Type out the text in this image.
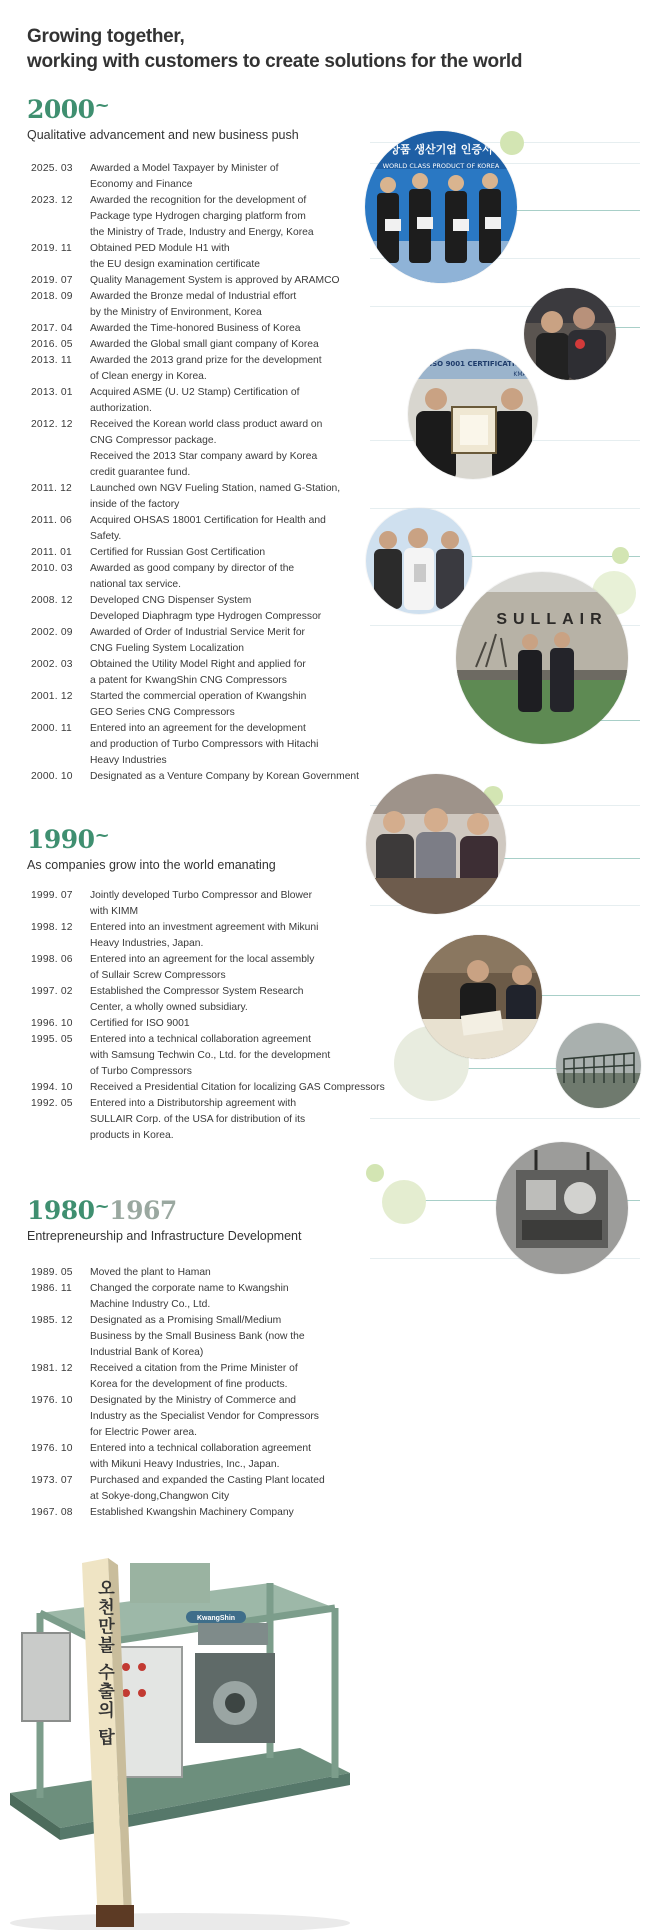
Growing together,
working with customers to create solutions for the world
상품 생산기업 인증서
WORLD CLASS PRODUCT OF KOREA
ISO 9001 CERTIFICATION
KMA
SULLAIR
2000~
Qualitative advancement and new business push
2025. 03	Awarded a Model Taxpayer by Minister of
Economy and Finance
2023. 12	Awarded the recognition for the development of
Package type Hydrogen charging platform from
the Ministry of Trade, Industry and Energy, Korea
2019. 11	Obtained PED Module H1 with
the EU design examination certificate
2019. 07	Quality Management System is approved by ARAMCO
2018. 09	Awarded the Bronze medal of Industrial effort
by the Ministry of Environment, Korea
2017. 04	Awarded the Time-honored Business of Korea
2016. 05	Awarded the Global small giant company of Korea
2013. 11	Awarded the 2013 grand prize for the development
of Clean energy in Korea.
2013. 01	Acquired ASME (U. U2 Stamp) Certification of
authorization.
2012. 12	Received the Korean world class product award on
CNG Compressor package.
Received the 2013 Star company award by Korea
credit guarantee fund.
2011. 12	Launched own NGV Fueling Station, named G-Station,
inside of the factory
2011. 06	Acquired OHSAS 18001 Certification for Health and
Safety.
2011. 01	Certified for Russian Gost Certification
2010. 03	Awarded as good company by director of the
national tax service.
2008. 12	Developed CNG Dispenser System
Developed Diaphragm type Hydrogen Compressor
2002. 09	Awarded of Order of Industrial Service Merit for
CNG Fueling System Localization
2002. 03	Obtained the Utility Model Right and applied for
a patent for KwangShin CNG Compressors
2001. 12	Started the commercial operation of Kwangshin
GEO Series CNG Compressors
2000. 11	Entered into an agreement for the development
and production of Turbo Compressors with Hitachi
Heavy Industries
2000. 10	Designated as a Venture Company by Korean Government
1990~
As companies grow into the world emanating
1999. 07	Jointly developed Turbo Compressor and Blower
with KIMM
1998. 12	Entered into an investment agreement with Mikuni
Heavy Industries, Japan.
1998. 06	Entered into an agreement for the local assembly
of Sullair Screw Compressors
1997. 02	Established the Compressor System Research
Center, a wholly owned subsidiary.
1996. 10	Certified for ISO 9001
1995. 05	Entered into a technical collaboration agreement
with Samsung Techwin Co., Ltd. for the development
of Turbo Compressors
1994. 10	Received a Presidential Citation for localizing GAS Compressors
1992. 05	Entered into a Distributorship agreement with
SULLAIR Corp. of the USA for distribution of its
products in Korea.
1980~1967
Entrepreneurship and Infrastructure Development
1989. 05	Moved the plant to Haman
1986. 11	Changed the corporate name to Kwangshin
Machine Industry Co., Ltd.
1985. 12	Designated as a Promising Small/Medium
Business by the Small Business Bank (now the
Industrial Bank of Korea)
1981. 12	Received a citation from the Prime Minister of
Korea for the development of fine products.
1976. 10	Designated by the Ministry of Commerce and
Industry as the Specialist Vendor for Compressors
for Electric Power area.
1976. 10	Entered into a technical collaboration agreement
with Mikuni Heavy Industries, Inc., Japan.
1973. 07	Purchased and expanded the Casting Plant located
at Sokye-dong,Changwon City
1967. 08	Established Kwangshin Machinery Company
KwangShin
오천만불 수출의 탑
